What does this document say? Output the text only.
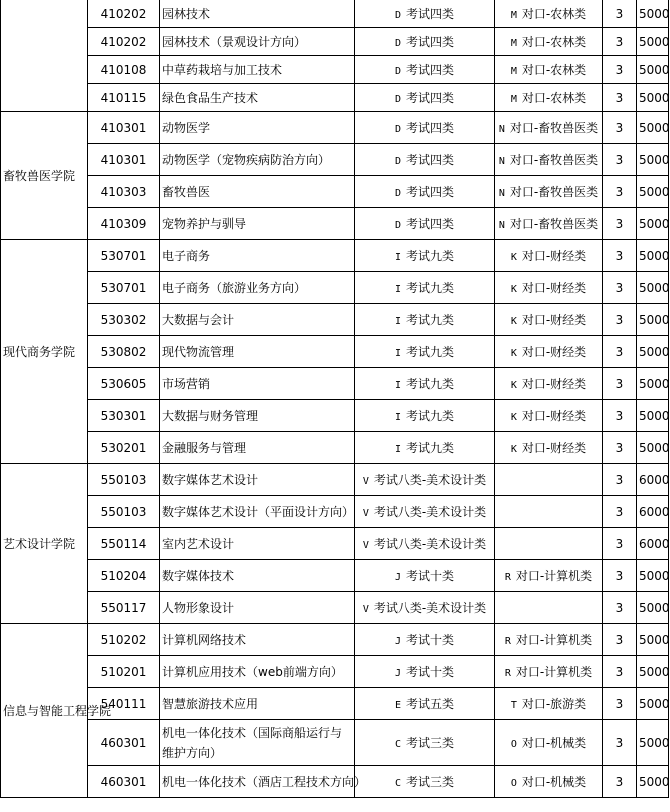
	410202	园林技术	D 考试四类	M 对口-农林类	3	5000
	410202	园林技术（景观设计方向）	D 考试四类	M 对口-农林类	3	5000
	410108	中草药栽培与加工技术	D 考试四类	M 对口-农林类	3	5000
	410115	绿色食品生产技术	D 考试四类	M 对口-农林类	3	5000
畜牧兽医学院	410301	动物医学	D 考试四类	N 对口-畜牧兽医类	3	5000
	410301	动物医学（宠物疾病防治方向）	D 考试四类	N 对口-畜牧兽医类	3	5000
	410303	畜牧兽医	D 考试四类	N 对口-畜牧兽医类	3	5000
	410309	宠物养护与驯导	D 考试四类	N 对口-畜牧兽医类	3	5000
现代商务学院	530701	电子商务	I 考试九类	K 对口-财经类	3	5000
	530701	电子商务（旅游业务方向）	I 考试九类	K 对口-财经类	3	5000
	530302	大数据与会计	I 考试九类	K 对口-财经类	3	5000
	530802	现代物流管理	I 考试九类	K 对口-财经类	3	5000
	530605	市场营销	I 考试九类	K 对口-财经类	3	5000
	530301	大数据与财务管理	I 考试九类	K 对口-财经类	3	5000
	530201	金融服务与管理	I 考试九类	K 对口-财经类	3	5000
艺术设计学院	550103	数字媒体艺术设计	V 考试八类-美术设计类		3	6000
	550103	数字媒体艺术设计（平面设计方向）	V 考试八类-美术设计类		3	6000
	550114	室内艺术设计	V 考试八类-美术设计类		3	6000
	510204	数字媒体技术	J 考试十类	R 对口-计算机类	3	5000
	550117	人物形象设计	V 考试八类-美术设计类		3	5000
信息与智能工程学院	510202	计算机网络技术	J 考试十类	R 对口-计算机类	3	5000
	510201	计算机应用技术（web前端方向）	J 考试十类	R 对口-计算机类	3	5000
	540111	智慧旅游技术应用	E 考试五类	T 对口-旅游类	3	5000
	460301	机电一体化技术（国际商船运行与维护方向）	C 考试三类	O 对口-机械类	3	5000
	460301	机电一体化技术（酒店工程技术方向）	C 考试三类	O 对口-机械类	3	5000
